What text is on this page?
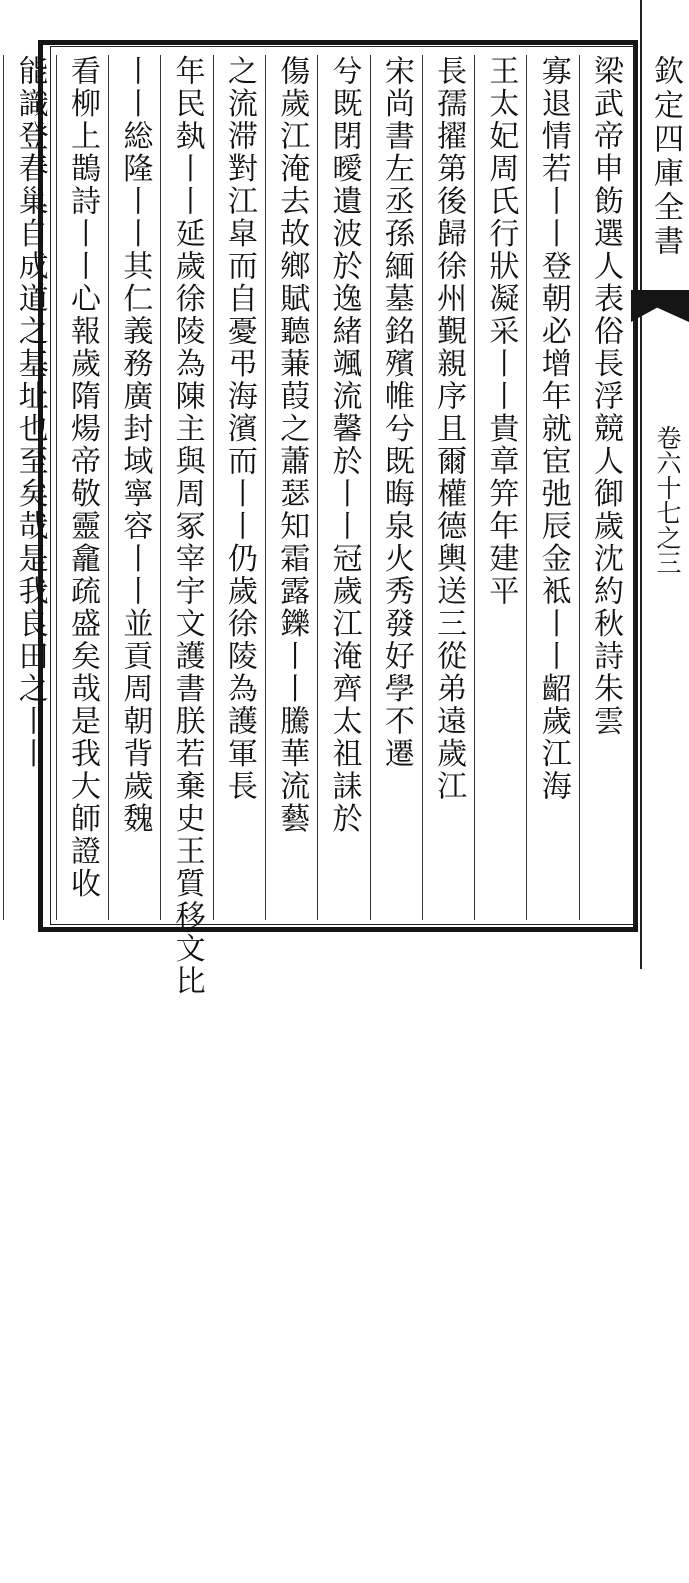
欽定四庫全書
卷六十七之三
梁武帝申飭選人表俗長浮競人御歲沈約秋詩朱雲
寡退情若丨丨登朝必增年就宦弛辰金袛丨丨齠歲江海
王太妃周氏行狀凝采丨丨貴章笄年建平
長孺擢第後歸徐州覲親序且爾權德輿送三從弟遠歲江
宋尚書左丞孫緬墓銘殯帷兮既晦泉火秀發好學不遷
兮既閉曖遺波於逸緒颯流馨於丨丨冠歲江淹齊太祖誄於
傷歲江淹去故鄉賦聽蒹葭之蕭瑟知霜露鑠丨丨騰華流藝
之流滞對江皐而自憂弔海濱而丨丨仍歲徐陵為護軍長
年民埶丨丨延歲徐陵為陳主與周冢宰宇文護書朕若棄史王質移文比
丨丨総隆丨丨其仁義務廣封域寧容丨丨並貢周朝背歲魏
看柳上鵲詩丨丨心報歲隋煬帝敬靈龕疏盛矣哉是我大師證收
能識登春巢自成道之基址也至矣哉是我良田之丨丨
